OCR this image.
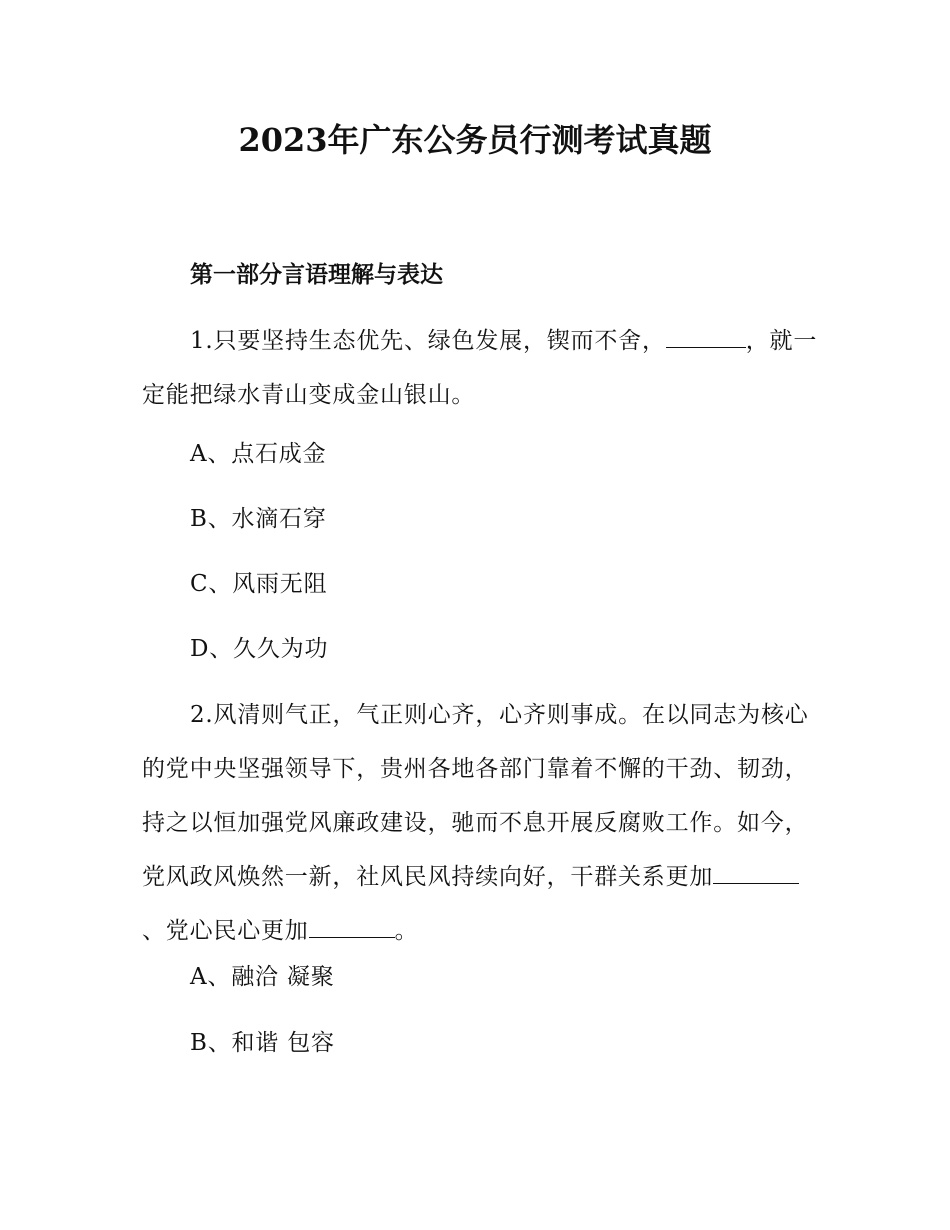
2023年广东公务员行测考试真题
第一部分言语理解与表达

1.只要坚持生态优先、绿色发展，锲而不舍，	，就一定能把绿水青山变成金山银山。

A、点石成金
B、水滴石穿
C、风雨无阻
D、久久为功

2.风清则气正，气正则心齐，心齐则事成。在以同志为核心的党中央坚强领导下，贵州各地各部门靠着不懈的干劲、韧劲，持之以恒加强党风廉政建设，驰而不息开展反腐败工作。如今，党风政风焕然一新，社风民风持续向好，干群关系更加、党心民心更加	。

A、融洽 凝聚
B、和谐 包容
